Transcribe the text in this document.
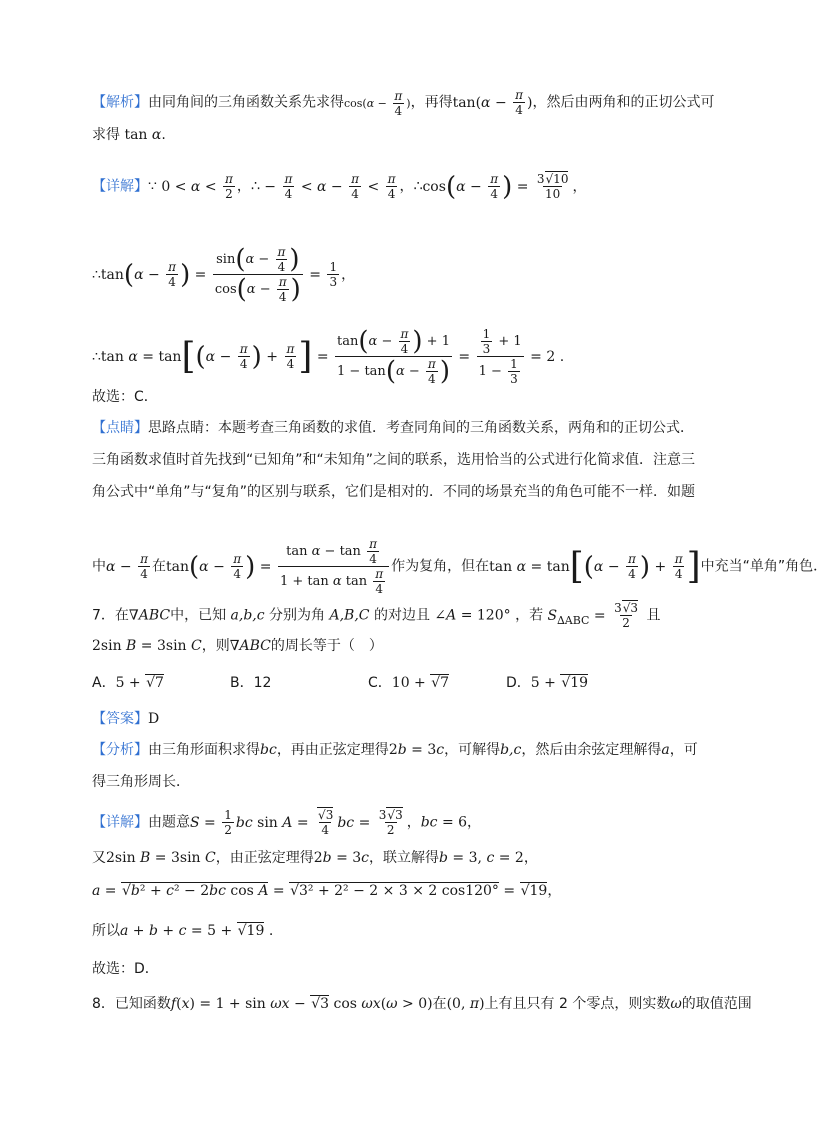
【解析】由同角间的三角函数关系先求得$\cos(\alpha - \frac{\pi}{4}$ )，再得$\tan(\alpha - \frac{\pi}{4}$ )，然后由两角和的正切公式可
求得 tan α.
【详解】∵ $0 < \alpha < \frac{\pi}{2}$ ，∴ − $\frac{\pi}{4} < \alpha - \frac{\pi}{4} < \frac{\pi}{4}$ ，∴cos(α − $\frac{\pi}{4}$ ) = $\frac{3√10}{10}$ ，
∴tan(α − $\frac{\pi}{4}$ ) = $\frac{\sin(\alpha - \frac{\pi}{4} )}{\cos(\alpha - \frac{\pi}{4} )} = \frac{1}{3}$ ，
∴tan $\alpha = \tan[(\alpha - \frac{\pi}{4}$ ) + $\frac{\pi}{4}$ ] = $\frac{\tan(\alpha - \frac{\pi}{4} ) + 1}{1 - \tan(\alpha - \frac{\pi}{4} )} = \frac{\frac{1}{3} + 1}{1 - \frac{1}{3}} = 2$ .
故选：C．
【点睛】思路点睛：本题考查三角函数的求值．考查同角间的三角函数关系，两角和的正切公式．
三角函数求值时首先找到“已知角”和“未知角”之间的联系，选用恰当的公式进行化简求值．注意三
角公式中“单角”与“复角”的区别与联系，它们是相对的．不同的场景充当的角色可能不一样．如题
中$\alpha - \frac{\pi}{4}$ 在$\tan(\alpha - \frac{\pi}{4}$ ) = $\frac{\tan \alpha - \tan \frac{\pi}{4}}{1 + \tan \alpha \tan \frac{\pi}{4}}$ 作为复角，但在$\tan \alpha = \tan[(\alpha - \frac{\pi}{4}$ ) + $\frac{\pi}{4}$ ]中充当“单角”角色．
7．在∇ABC中，已知 a,b,c 分别为角 A,B,C 的对边且 ∠A = 120° ，若 $S_{\Delta ABC} = \frac{3√3}{2}$ 且
2sin B = 3sin C，则∇ABC的周长等于（　）
A．5 + √7	B．12	C．10 + √7	D．5 + √19
【答案】D
【分析】由三角形面积求得bc，再由正弦定理得2b = 3c，可解得b,c，然后由余弦定理解得a，可
得三角形周长．
【详解】由题意$S = \frac{1}{2}$ bc $\sin A = \frac{√3}{4}$ bc = $\frac{3√3}{2}$ ，bc = 6，
又2sin B = 3sin C，由正弦定理得2b = 3c，联立解得b = 3, c = 2，
a = √b² + c² − 2bc cos A = √3² + 2² − 2 × 3 × 2 cos120° = √19，
所以a + b + c = 5 + √19 .
故选：D．
8．已知函数f(x) = 1 + sin ωx − √3 cos ωx(ω > 0)在(0, π)上有且只有 2 个零点，则实数ω的取值范围
